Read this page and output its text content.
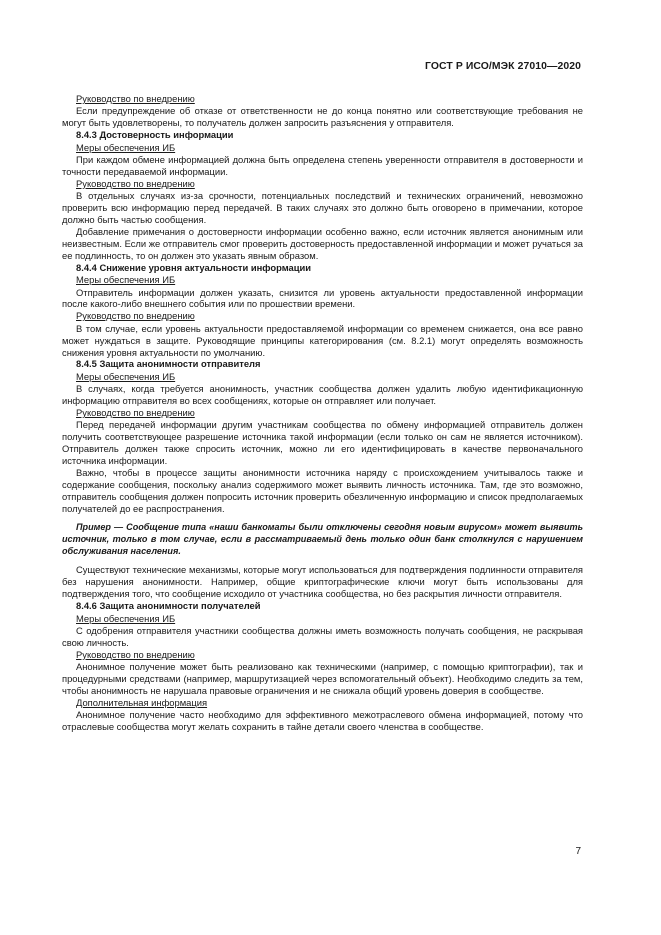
ГОСТ Р ИСО/МЭК 27010—2020
Руководство по внедрению
Если предупреждение об отказе от ответственности не до конца понятно или соответствующие требования не могут быть удовлетворены, то получатель должен запросить разъяснения у отправителя.
8.4.3 Достоверность информации
Меры обеспечения ИБ
При каждом обмене информацией должна быть определена степень уверенности отправителя в достоверности и точности передаваемой информации.
Руководство по внедрению
В отдельных случаях из-за срочности, потенциальных последствий и технических ограничений, невозможно проверить всю информацию перед передачей. В таких случаях это должно быть оговорено в примечании, которое должно быть частью сообщения.
Добавление примечания о достоверности информации особенно важно, если источник является анонимным или неизвестным. Если же отправитель смог проверить достоверность предоставленной информации и может ручаться за ее подлинность, то он должен это указать явным образом.
8.4.4 Снижение уровня актуальности информации
Меры обеспечения ИБ
Отправитель информации должен указать, снизится ли уровень актуальности предоставленной информации после какого-либо внешнего события или по прошествии времени.
Руководство по внедрению
В том случае, если уровень актуальности предоставляемой информации со временем снижается, она все равно может нуждаться в защите. Руководящие принципы категорирования (см. 8.2.1) могут определять возможность снижения уровня актуальности по умолчанию.
8.4.5 Защита анонимности отправителя
Меры обеспечения ИБ
В случаях, когда требуется анонимность, участник сообщества должен удалить любую идентификационную информацию отправителя во всех сообщениях, которые он отправляет или получает.
Руководство по внедрению
Перед передачей информации другим участникам сообщества по обмену информацией отправитель должен получить соответствующее разрешение источника такой информации (если только он сам не является источником). Отправитель должен также спросить источник, можно ли его идентифицировать в качестве первоначального источника информации.
Важно, чтобы в процессе защиты анонимности источника наряду с происхождением учитывалось также и содержание сообщения, поскольку анализ содержимого может выявить личность источника. Там, где это возможно, отправитель сообщения должен попросить источник проверить обезличенную информацию и список предполагаемых получателей до ее распространения.
Пример — Сообщение типа «наши банкоматы были отключены сегодня новым вирусом» может выявить источник, только в том случае, если в рассматриваемый день только один банк столкнулся с нарушением обслуживания населения.
Существуют технические механизмы, которые могут использоваться для подтверждения подлинности отправителя без нарушения анонимности. Например, общие криптографические ключи могут быть использованы для подтверждения того, что сообщение исходило от участника сообщества, но без раскрытия личности отправителя.
8.4.6 Защита анонимности получателей
Меры обеспечения ИБ
С одобрения отправителя участники сообщества должны иметь возможность получать сообщения, не раскрывая свою личность.
Руководство по внедрению
Анонимное получение может быть реализовано как техническими (например, с помощью криптографии), так и процедурными средствами (например, маршрутизацией через вспомогательный объект). Необходимо следить за тем, чтобы анонимность не нарушала правовые ограничения и не снижала общий уровень доверия в сообществе.
Дополнительная информация
Анонимное получение часто необходимо для эффективного межотраслевого обмена информацией, потому что отраслевые сообщества могут желать сохранить в тайне детали своего членства в сообществе.
7
